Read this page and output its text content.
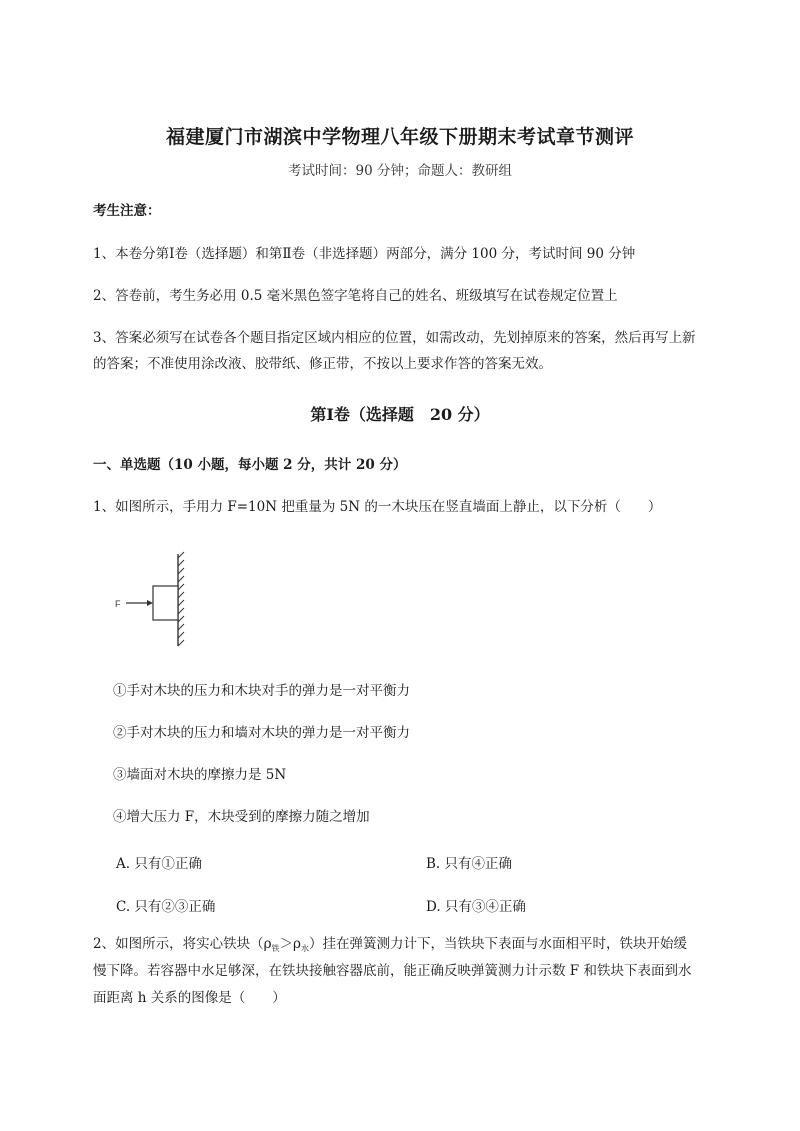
福建厦门市湖滨中学物理八年级下册期末考试章节测评
考试时间：90 分钟；命题人：教研组
考生注意：
1、本卷分第Ⅰ卷（选择题）和第Ⅱ卷（非选择题）两部分，满分 100 分，考试时间 90 分钟
2、答卷前，考生务必用 0.5 毫米黑色签字笔将自己的姓名、班级填写在试卷规定位置上
3、答案必须写在试卷各个题目指定区域内相应的位置，如需改动，先划掉原来的答案，然后再写上新
的答案；不准使用涂改液、胶带纸、修正带，不按以上要求作答的答案无效。
第Ⅰ卷（选择题　20 分）
一、单选题（10 小题，每小题 2 分，共计 20 分）
1、如图所示，手用力 F=10N 把重量为 5N 的一木块压在竖直墙面上静止，以下分析（　　）
F
①手对木块的压力和木块对手的弹力是一对平衡力
②手对木块的压力和墙对木块的弹力是一对平衡力
③墙面对木块的摩擦力是 5N
④增大压力 F，木块受到的摩擦力随之增加
A. 只有①正确	B. 只有④正确
C. 只有②③正确	D. 只有③④正确
2、如图所示，将实心铁块$(\rho_铁>\rho_水)$挂在弹簧测力计下，当铁块下表面与水面相平时，铁块开始缓
慢下降。若容器中水足够深，在铁块接触容器底前，能正确反映弹簧测力计示数 F 和铁块下表面到水
面距离 h 关系的图像是（　　）
